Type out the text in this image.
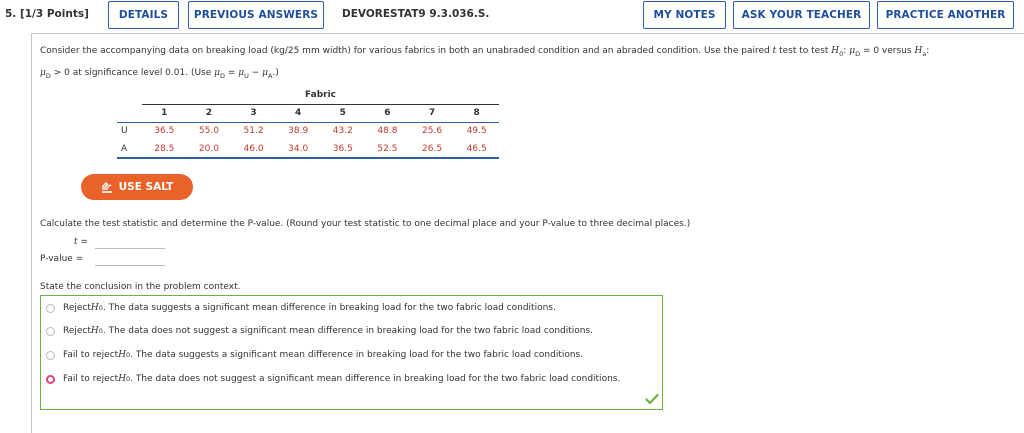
5. [1/3 Points]	DETAILS	PREVIOUS ANSWERS	DEVORESTAT9 9.3.036.S.	MY NOTES	ASK YOUR TEACHER	PRACTICE ANOTHER
Consider the accompanying data on breaking load (kg/25 mm width) for various fabrics in both an unabraded condition and an abraded condition. Use the paired t test to test $H_0$: $\mu_D = 0$ versus $H_a$:
$\mu_D > 0$ at significance level 0.01. (Use $\mu_D = \mu_U - \mu_A$.)
	Fabric							
	1	2	3	4	5	6	7	8
U	36.5	55.0	51.2	38.9	43.2	48.8	25.6	49.5
A	28.5	20.0	46.0	34.0	36.5	52.5	26.5	46.5
USE SALT
Calculate the test statistic and determine the P-value. (Round your test statistic to one decimal place and your P-value to three decimal places.)
t =
P-value =
State the conclusion in the problem context.
Reject H 0 . The data suggests a significant mean difference in breaking load for the two fabric load conditions.
Reject H 0 . The data does not suggest a significant mean difference in breaking load for the two fabric load conditions.
Fail to reject H 0 . The data suggests a significant mean difference in breaking load for the two fabric load conditions.
Fail to reject H 0 . The data does not suggest a significant mean difference in breaking load for the two fabric load conditions.
